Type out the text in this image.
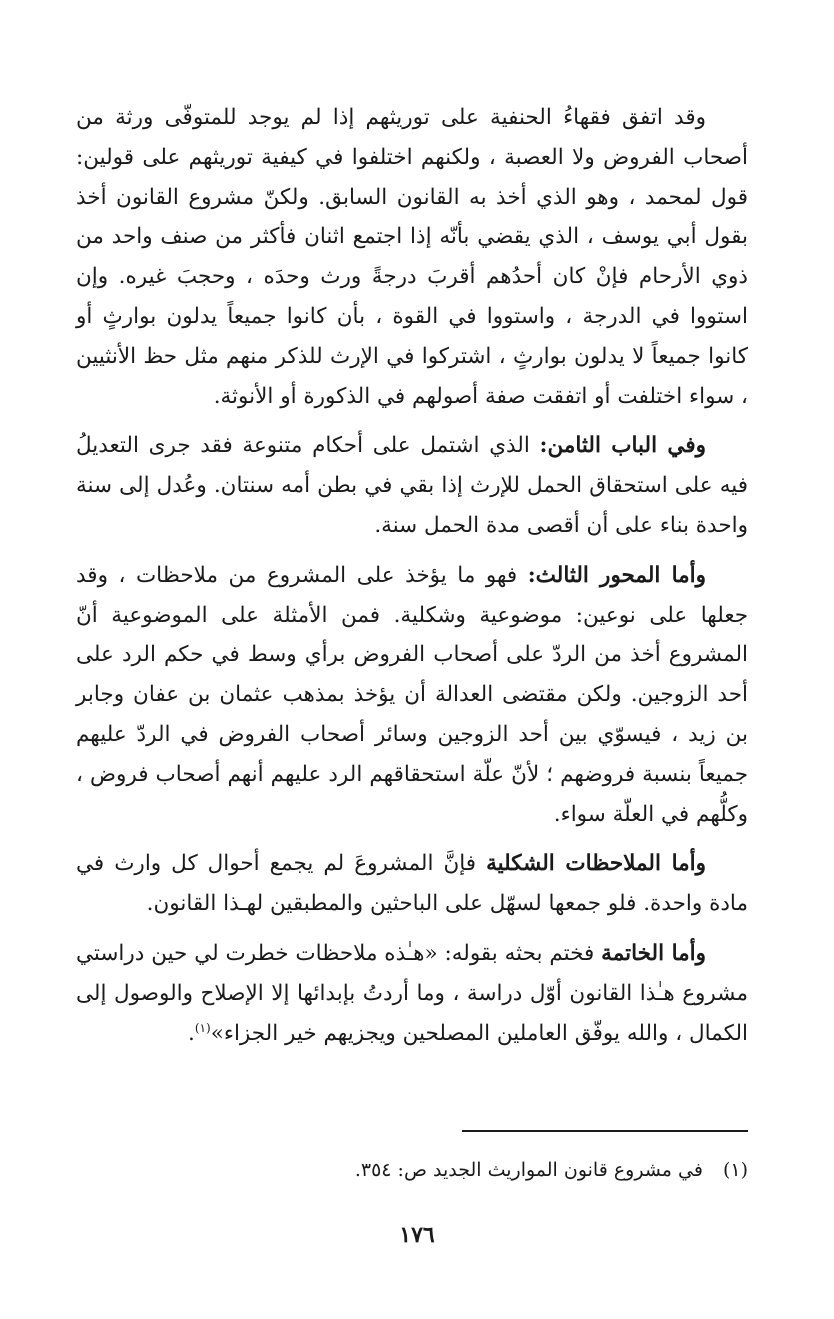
وقد اتفق فقهاءُ الحنفية على توريثهم إذا لم يوجد للمتوفّى ورثة من أصحاب الفروض ولا العصبة ، ولكنهم اختلفوا في كيفية توريثهم على قولين: قول لمحمد ، وهو الذي أخذ به القانون السابق. ولكنّ مشروع القانون أخذ بقول أبي يوسف ، الذي يقضي بأنّه إذا اجتمع اثنان فأكثر من صنف واحد من ذوي الأرحام فإنْ كان أحدُهم أقربَ درجةً ورث وحدَه ، وحجبَ غيره. وإن استووا في الدرجة ، واستووا في القوة ، بأن كانوا جميعاً يدلون بوارثٍ أو كانوا جميعاً لا يدلون بوارثٍ ، اشتركوا في الإرث للذكر منهم مثل حظ الأنثيين ، سواء اختلفت أو اتفقت صفة أصولهم في الذكورة أو الأنوثة.

وفي الباب الثامن: الذي اشتمل على أحكام متنوعة فقد جرى التعديلُ فيه على استحقاق الحمل للإرث إذا بقي في بطن أمه سنتان. وعُدل إلى سنة واحدة بناء على أن أقصى مدة الحمل سنة.

وأما المحور الثالث: فهو ما يؤخذ على المشروع من ملاحظات ، وقد جعلها على نوعين: موضوعية وشكلية. فمن الأمثلة على الموضوعية أنّ المشروع أخذ من الردّ على أصحاب الفروض برأي وسط في حكم الرد على أحد الزوجين. ولكن مقتضى العدالة أن يؤخذ بمذهب عثمان بن عفان وجابر بن زيد ، فيسوّي بين أحد الزوجين وسائر أصحاب الفروض في الردّ عليهم جميعاً بنسبة فروضهم ؛ لأنّ علّة استحقاقهم الرد عليهم أنهم أصحاب فروض ، وكلُّهم في العلّة سواء.

وأما الملاحظات الشكلية فإنَّ المشروعَ لم يجمع أحوال كل وارث في مادة واحدة. فلو جمعها لسهّل على الباحثين والمطبقين لهـذا القانون.

وأما الخاتمة فختم بحثه بقوله: «هـٰذه ملاحظات خطرت لي حين دراستي مشروع هـٰذا القانون أوّل دراسة ، وما أردتُ بإبدائها إلا الإصلاح والوصول إلى الكمال ، والله يوفّق العاملين المصلحين ويجزيهم خير الجزاء»$^{(١)}$.

(١)في مشروع قانون المواريث الجديد ص: ٣٥٤.
١٧٦
